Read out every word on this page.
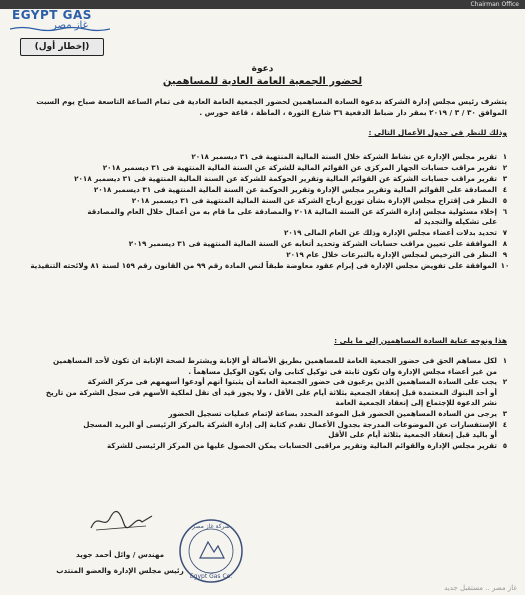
Chairman Office
EGYPT GAS
غاز مصر
(إخطار أول)
دعوة
لحضور الجمعية العامة العادية للمساهمين
يتشرف رئيس مجلس إدارة الشركة بدعوة السادة المساهمين لحضور الجمعية العامة العادية فى تمام الساعة التاسعة صباح يوم السبت
الموافق ٣٠ / ٣ / ٢٠١٩ بمقر دار ضباط الدفعية ٣٦ شارع الثورة ، الماظة ، قاعة حورس .
وذلك للنظر فى جدول الأعمال التالى :
١
تقرير مجلس الإدارة عن نشاط الشركة خلال السنة المالية المنتهية فى ٣١ ديسمبر ٢٠١٨
٢
تقرير مراقب حسابات الجهاز المركزى عن القوائم المالية للشركة عن السنة المالية المنتهية فى ٣١ ديسمبر ٢٠١٨
٣
تقرير مراقب حسابات الشركة عن القوائم المالية وتقرير الحوكمة للشركة عن السنة المالية المنتهية فى ٣١ ديسمبر ٢٠١٨
٤
المصادقة على القوائم المالية وتقرير مجلس الإدارة وتقرير الحوكمة عن السنة المالية المنتهية فى ٣١ ديسمبر ٢٠١٨
٥
النظر فى إقتراح مجلس الإدارة بشأن توزيع أرباح الشركة عن السنة المالية المنتهية فى ٣١ ديسمبر ٢٠١٨
٦
إخلاء مسئولية مجلس إدارة الشركة عن السنة المالية ٢٠١٨ والمصادقة على ما قام به من أعمال خلال العام والمصادقة
على تشكيله والتجديد له
٧
تحديد بدلات أعضاء مجلس الإدارة وذلك عن العام المالى ٢٠١٩
٨
الموافقة على تعيين مراقب حسابات الشركة وتحديد أتعابه عن السنة المالية المنتهية فى ٣١ ديسمبر ٢٠١٩
٩
النظر فى الترخيص لمجلس الإدارة بالتبرعات خلال عام ٢٠١٩
١٠
الموافقة على تفويض مجلس الإدارة فى إبرام عقود معاوضة طبقاً لنص المادة رقم ٩٩ من القانون رقم ١٥٩ لسنة ٨١ ولائحته التنفيذية
هذا ونوجه عناية السادة المساهمين إلى ما يلى :
١
لكل مساهم الحق فى حضور الجمعية العامة للمساهمين بطريق الأصالة أو الإنابة ويشترط لصحة الإنابة ان تكون لأحد المساهمين
من غير أعضاء مجلس الإدارة وان تكون ثابتة فى توكيل كتابى وان يكون الوكيل مساهماً .
٢
يجب على السادة المساهمين الذين يرغبون فى حضور الجمعية العامة أن يثبتوا أنهم أودعوا أسهمهم فى مركز الشركة
أو أحد البنوك المعتمدة قبل إنعقاد الجمعية بثلاثة أيام على الأقل ، ولا يجوز قيد أى نقل لملكية الأسهم فى سجل الشركة من تاريخ
نشر الدعوة للإجتماع إلى إنعقاد الجمعية العامة
٣
يرجى من السادة المساهمين الحضور قبل الموعد المحدد بساعة لإتمام عمليات تسجيل الحضور
٤
الإستفسارات عن الموضوعات المدرجة بجدول الأعمال تقدم كتابة إلى إدارة الشركة بالمركز الرئيسى أو البريد المسجل
أو باليد قبل إنعقاد الجمعية بثلاثة أيام على الأقل
٥
تقرير مجلس الإدارة والقوائم المالية وتقرير مراقبى الحسابات يمكن الحصول عليها من المركز الرئيسى للشركة
مهندس / وائل أحمد جويد
رئيس مجلس الإدارة والعضو المنتدب
Egypt Gas Co.
شركة غاز مصر
غاز مصر .. مستقبل جديد
